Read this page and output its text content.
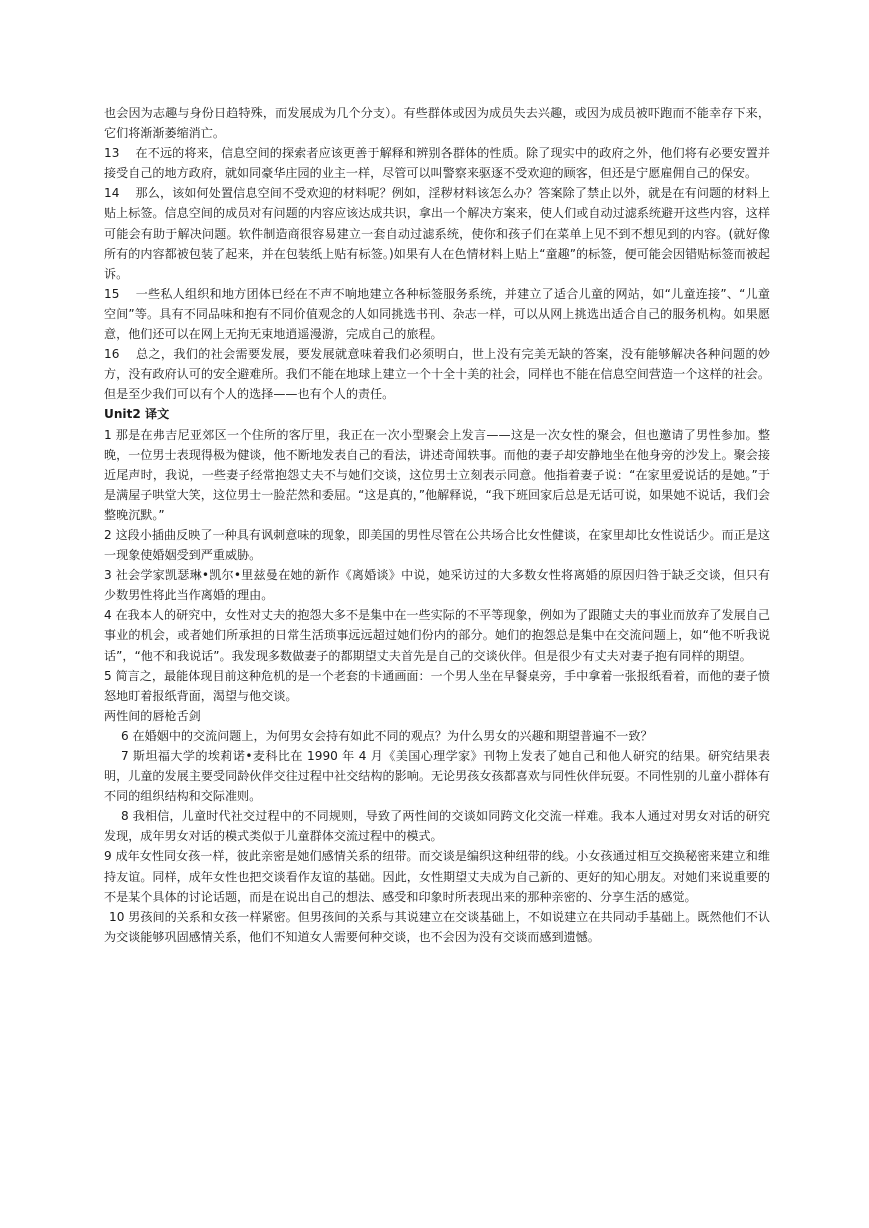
也会因为志趣与身份日趋特殊，而发展成为几个分支）。有些群体或因为成员失去兴趣，或因为成员被吓跑而不能幸存下来，它们将渐渐萎缩消亡。

13 　在不远的将来，信息空间的探索者应该更善于解释和辨别各群体的性质。除了现实中的政府之外，他们将有必要安置并接受自己的地方政府，就如同豪华庄园的业主一样，尽管可以叫警察来驱逐不受欢迎的顾客，但还是宁愿雇佣自己的保安。

14 　那么，该如何处置信息空间不受欢迎的材料呢？例如，淫秽材料该怎么办？答案除了禁止以外，就是在有问题的材料上贴上标签。信息空间的成员对有问题的内容应该达成共识，拿出一个解决方案来，使人们或自动过滤系统避开这些内容，这样可能会有助于解决问题。软件制造商很容易建立一套自动过滤系统，使你和孩子们在菜单上见不到不想见到的内容。(就好像所有的内容都被包装了起来，并在包装纸上贴有标签。)如果有人在色情材料上贴上“童趣”的标签，便可能会因错贴标签而被起诉。

15 　一些私人组织和地方团体已经在不声不响地建立各种标签服务系统，并建立了适合儿童的网站，如“儿童连接”、“儿童空间”等。具有不同品味和抱有不同价值观念的人如同挑选书刊、杂志一样，可以从网上挑选出适合自己的服务机构。如果愿意，他们还可以在网上无拘无束地逍遥漫游，完成自己的旅程。

16 　总之，我们的社会需要发展，要发展就意味着我们必须明白，世上没有完美无缺的答案，没有能够解决各种问题的妙方，没有政府认可的安全避难所。我们不能在地球上建立一个十全十美的社会，同样也不能在信息空间营造一个这样的社会。但是至少我们可以有个人的选择——也有个人的责任。

Unit2 译文

1 那是在弗吉尼亚郊区一个住所的客厅里，我正在一次小型聚会上发言——这是一次女性的聚会，但也邀请了男性参加。整晚，一位男士表现得极为健谈，他不断地发表自己的看法，讲述奇闻轶事。而他的妻子却安静地坐在他身旁的沙发上。聚会接近尾声时，我说，一些妻子经常抱怨丈夫不与她们交谈，这位男士立刻表示同意。他指着妻子说：“在家里爱说话的是她。”于是满屋子哄堂大笑，这位男士一脸茫然和委屈。“这是真的，”他解释说，“我下班回家后总是无话可说，如果她不说话，我们会整晚沉默。”

2 这段小插曲反映了一种具有讽刺意味的现象，即美国的男性尽管在公共场合比女性健谈，在家里却比女性说话少。而正是这一现象使婚姻受到严重威胁。

3 社会学家凯瑟琳•凯尔•里兹曼在她的新作《离婚谈》中说，她采访过的大多数女性将离婚的原因归咎于缺乏交谈，但只有少数男性将此当作离婚的理由。

4 在我本人的研究中，女性对丈夫的抱怨大多不是集中在一些实际的不平等现象，例如为了跟随丈夫的事业而放弃了发展自己事业的机会，或者她们所承担的日常生活琐事远远超过她们份内的部分。她们的抱怨总是集中在交流问题上，如“他不听我说话”，“他不和我说话”。我发现多数做妻子的都期望丈夫首先是自己的交谈伙伴。但是很少有丈夫对妻子抱有同样的期望。

5 简言之，最能体现目前这种危机的是一个老套的卡通画面：一个男人坐在早餐桌旁，手中拿着一张报纸看着，而他的妻子愤怒地盯着报纸背面，渴望与他交谈。

两性间的唇枪舌剑

6 在婚姻中的交流问题上，为何男女会持有如此不同的观点？为什么男女的兴趣和期望普遍不一致？

7 斯坦福大学的埃莉诺•麦科比在 1990 年 4 月《美国心理学家》刊物上发表了她自己和他人研究的结果。研究结果表明，儿童的发展主要受同龄伙伴交往过程中社交结构的影响。无论男孩女孩都喜欢与同性伙伴玩耍。不同性别的儿童小群体有不同的组织结构和交际准则。

8 我相信，儿童时代社交过程中的不同规则，导致了两性间的交谈如同跨文化交流一样难。我本人通过对男女对话的研究发现，成年男女对话的模式类似于儿童群体交流过程中的模式。

9 成年女性同女孩一样，彼此亲密是她们感情关系的纽带。而交谈是编织这种纽带的线。小女孩通过相互交换秘密来建立和维持友谊。同样，成年女性也把交谈看作友谊的基础。因此，女性期望丈夫成为自己新的、更好的知心朋友。对她们来说重要的不是某个具体的讨论话题，而是在说出自己的想法、感受和印象时所表现出来的那种亲密的、分享生活的感觉。

10 男孩间的关系和女孩一样紧密。但男孩间的关系与其说建立在交谈基础上，不如说建立在共同动手基础上。既然他们不认为交谈能够巩固感情关系，他们不知道女人需要何种交谈，也不会因为没有交谈而感到遗憾。
